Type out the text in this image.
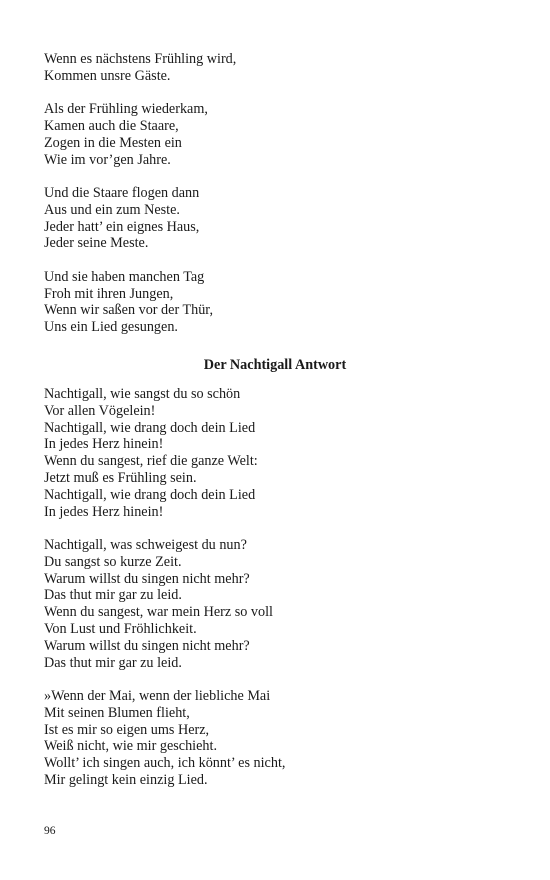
Wenn es nächstens Frühling wird,
Kommen unsre Gäste.
Als der Frühling wiederkam,
Kamen auch die Staare,
Zogen in die Mesten ein
Wie im vor’gen Jahre.
Und die Staare flogen dann
Aus und ein zum Neste.
Jeder hatt’ ein eignes Haus,
Jeder seine Meste.
Und sie haben manchen Tag
Froh mit ihren Jungen,
Wenn wir saßen vor der Thür,
Uns ein Lied gesungen.
Der Nachtigall Antwort
Nachtigall, wie sangst du so schön
Vor allen Vögelein!
Nachtigall, wie drang doch dein Lied
In jedes Herz hinein!
Wenn du sangest, rief die ganze Welt:
Jetzt muß es Frühling sein.
Nachtigall, wie drang doch dein Lied
In jedes Herz hinein!
Nachtigall, was schweigest du nun?
Du sangst so kurze Zeit.
Warum willst du singen nicht mehr?
Das thut mir gar zu leid.
Wenn du sangest, war mein Herz so voll
Von Lust und Fröhlichkeit.
Warum willst du singen nicht mehr?
Das thut mir gar zu leid.
»Wenn der Mai, wenn der liebliche Mai
Mit seinen Blumen flieht,
Ist es mir so eigen ums Herz,
Weiß nicht, wie mir geschieht.
Wollt’ ich singen auch, ich könnt’ es nicht,
Mir gelingt kein einzig Lied.
96
